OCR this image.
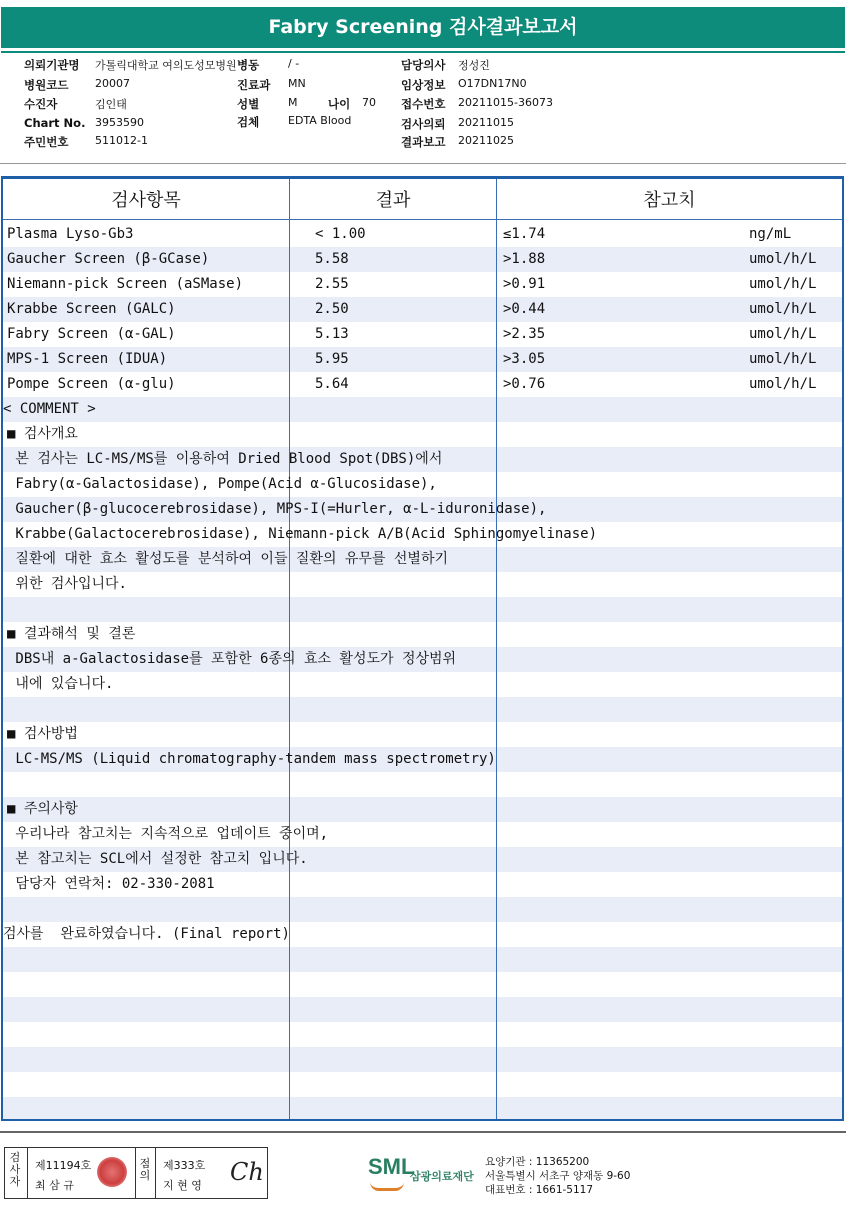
Fabry Screening 검사결과보고서
의뢰기관명 가톨릭대학교 여의도성모병원 병동	/ -	담당의사 정성진
병원코드 20007	진료과 MN	임상정보 O17DN17N0
수진자	김인태	성별	M	나이 70 접수번호 20211015-36073
Chart No. 3953590	검체	EDTA Blood	검사의뢰 20211015
주민번호 511012-1	결과보고 20211025
검사항목	결과	참고치
Plasma Lyso-Gb3	< 1.00	≤1.74	ng/mL
Gaucher Screen (β-GCase)	5.58	>1.88	umol/h/L
Niemann-pick Screen (aSMase)	2.55	>0.91	umol/h/L
Krabbe Screen (GALC)	2.50	>0.44	umol/h/L
Fabry Screen (α-GAL)	5.13	>2.35	umol/h/L
MPS-1 Screen (IDUA)	5.95	>3.05	umol/h/L
Pompe Screen (α-glu)	5.64	>0.76	umol/h/L
< COMMENT >
■ 검사개요
본 검사는 LC-MS/MS를 이용하여 Dried Blood Spot(DBS)에서
Fabry(α-Galactosidase), Pompe(Acid α-Glucosidase),
Gaucher(β-glucocerebrosidase), MPS-I(=Hurler, α-L-iduronidase),
Krabbe(Galactocerebrosidase), Niemann-pick A/B(Acid Sphingomyelinase)
질환에 대한 효소 활성도를 분석하여 이들 질환의 유무를 선별하기
위한 검사입니다.
■ 결과해석 및 결론
DBS내 a-Galactosidase를 포함한 6종의 효소 활성도가 정상범위
내에 있습니다.
■ 검사방법
LC-MS/MS (Liquid chromatography-tandem mass spectrometry)
■ 주의사항
우리나라 참고치는 지속적으로 업데이트 중이며,
본 참고치는 SCL에서 설정한 참고치 입니다.
담당자 연락처: 02-330-2081
검사를  완료하였습니다. (Final report)
검사자
제11194호
최 삼 규
점의
제333호
지 현 영 Ch	SML
삼광의료재단
요양기관 : 11365200
서울특별시 서초구 양재동 9-60
대표번호 : 1661-5117
